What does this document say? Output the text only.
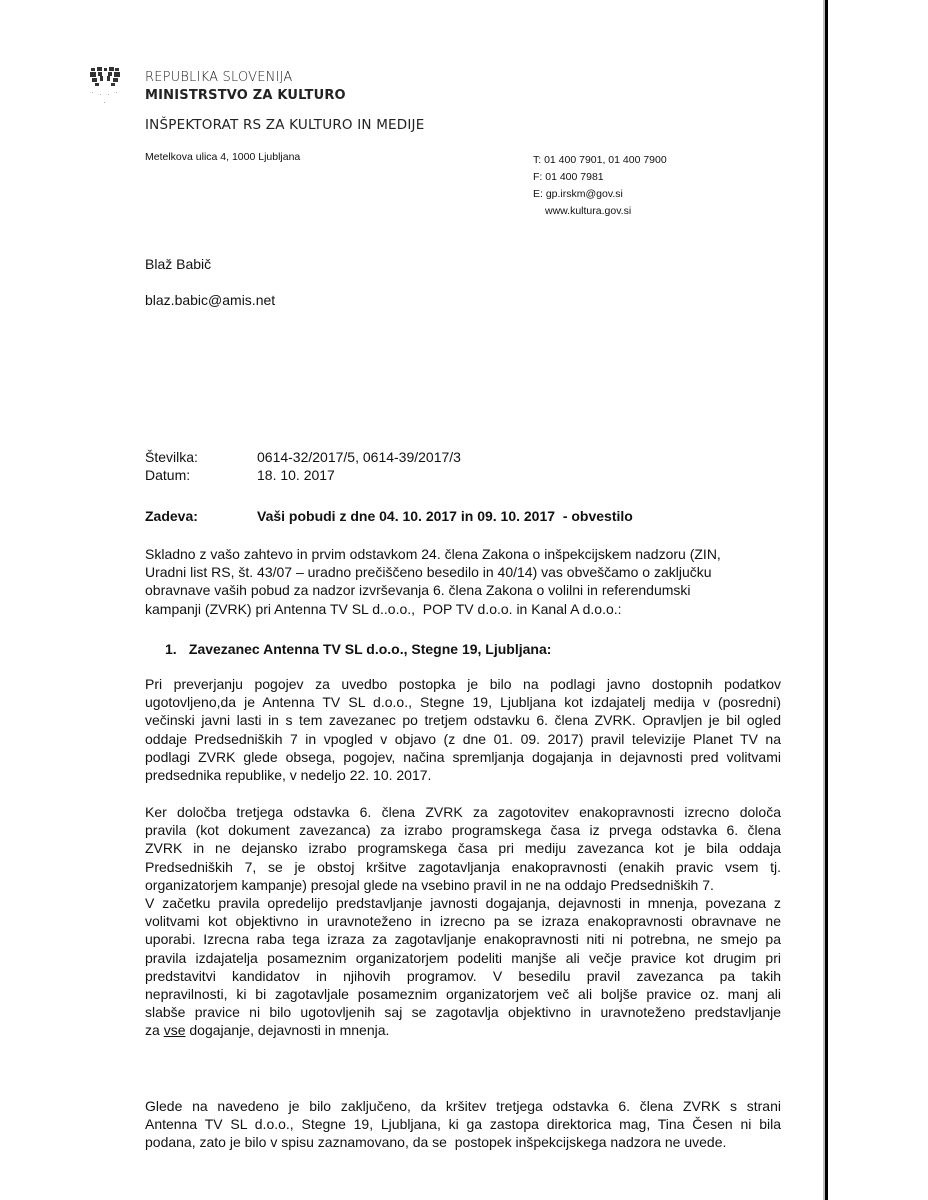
REPUBLIKA SLOVENIJA
MINISTRSTVO ZA KULTURO
INŠPEKTORAT RS ZA KULTURO IN MEDIJE
Metelkova ulica 4, 1000 Ljubljana	T: 01 400 7901, 01 400 7900
F: 01 400 7981
E: gp.irskm@gov.si
www.kultura.gov.si
Blaž Babič
blaz.babic@amis.net
Številka:	0614-32/2017/5, 0614-39/2017/3
Datum:	18. 10. 2017
Zadeva:	Vaši pobudi z dne 04. 10. 2017 in 09. 10. 2017  - obvestilo
Skladno z vašo zahtevo in prvim odstavkom 24. člena Zakona o inšpekcijskem nadzoru (ZIN,
Uradni list RS, št. 43/07 – uradno prečiščeno besedilo in 40/14) vas obveščamo o zaključku
obravnave vaših pobud za nadzor izvrševanja 6. člena Zakona o volilni in referendumski
kampanji (ZVRK) pri Antenna TV SL d..o.o.,  POP TV d.o.o. in Kanal A d.o.o.:
1. Zavezanec Antenna TV SL d.o.o., Stegne 19, Ljubljana:
Pri preverjanju pogojev za uvedbo postopka je bilo na podlagi javno dostopnih podatkov
ugotovljeno,da je Antenna TV SL d.o.o., Stegne 19, Ljubljana kot izdajatelj medija v (posredni)
večinski javni lasti in s tem zavezanec po tretjem odstavku 6. člena ZVRK. Opravljen je bil ogled
oddaje Predsedniških 7 in vpogled v objavo (z dne 01. 09. 2017) pravil televizije Planet TV na
podlagi ZVRK glede obsega, pogojev, načina spremljanja dogajanja in dejavnosti pred volitvami
predsednika republike, v nedeljo 22. 10. 2017.
Ker določba tretjega odstavka 6. člena ZVRK za zagotovitev enakopravnosti izrecno določa
pravila (kot dokument zavezanca) za izrabo programskega časa iz prvega odstavka 6. člena
ZVRK in ne dejansko izrabo programskega časa pri mediju zavezanca kot je bila oddaja
Predsedniških 7, se je obstoj kršitve zagotavljanja enakopravnosti (enakih pravic vsem tj.
organizatorjem kampanje) presojal glede na vsebino pravil in ne na oddajo Predsedniških 7.
V začetku pravila opredelijo predstavljanje javnosti dogajanja, dejavnosti in mnenja, povezana z
volitvami kot objektivno in uravnoteženo in izrecno pa se izraza enakopravnosti obravnave ne
uporabi. Izrecna raba tega izraza za zagotavljanje enakopravnosti niti ni potrebna, ne smejo pa
pravila izdajatelja posameznim organizatorjem podeliti manjše ali večje pravice kot drugim pri
predstavitvi kandidatov in njihovih programov. V besedilu pravil zavezanca pa takih
nepravilnosti, ki bi zagotavljale posameznim organizatorjem več ali boljše pravice oz. manj ali
slabše pravice ni bilo ugotovljenih saj se zagotavlja objektivno in uravnoteženo predstavljanje
za vse dogajanje, dejavnosti in mnenja.
Glede na navedeno je bilo zaključeno, da kršitev tretjega odstavka 6. člena ZVRK s strani
Antenna TV SL d.o.o., Stegne 19, Ljubljana, ki ga zastopa direktorica mag, Tina Česen ni bila
podana, zato je bilo v spisu zaznamovano, da se  postopek inšpekcijskega nadzora ne uvede.
